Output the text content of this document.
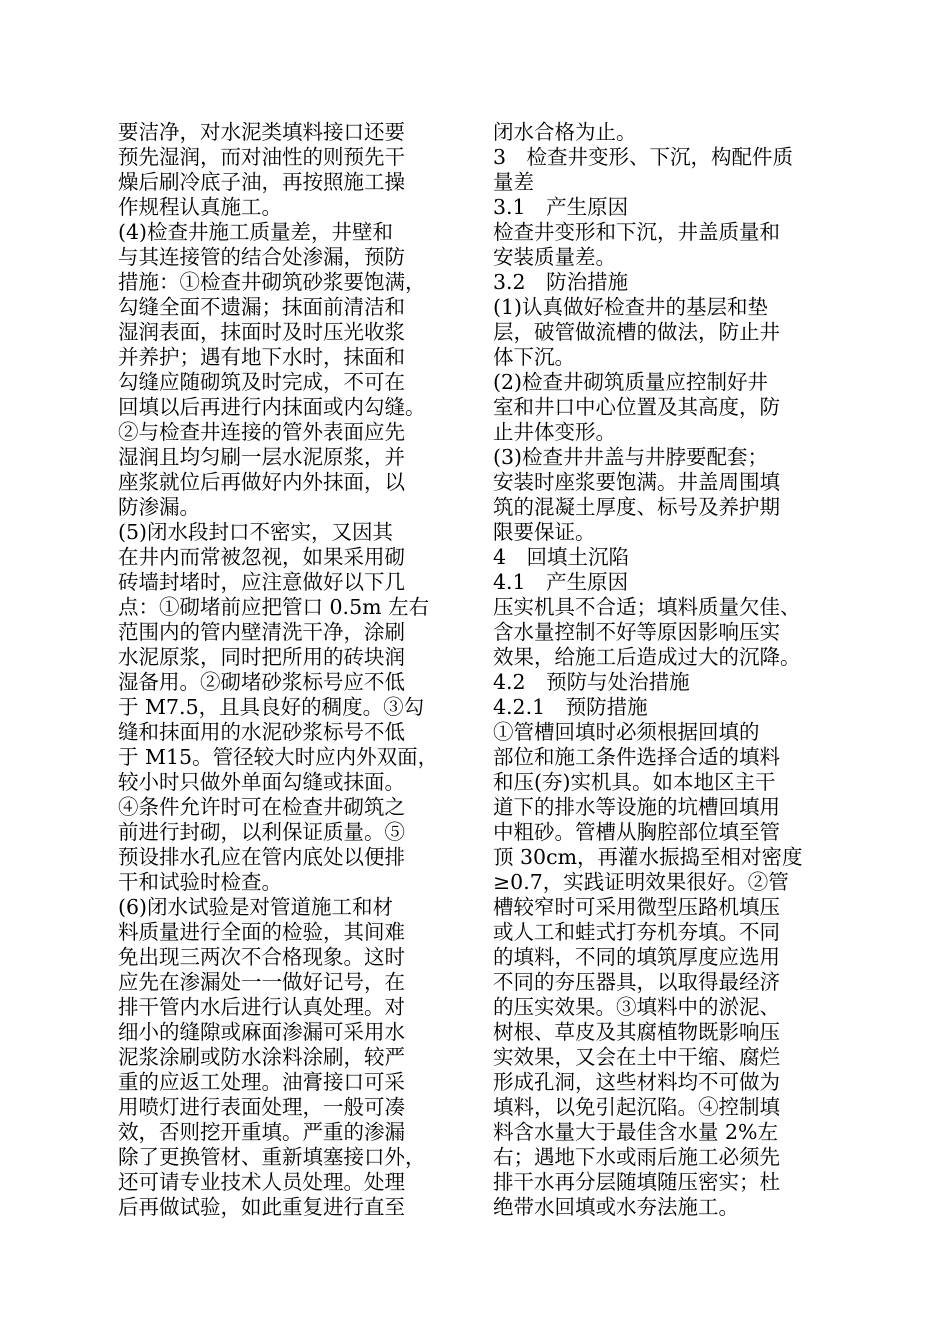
要洁净，对水泥类填料接口还要
预先湿润，而对油性的则预先干
燥后刷冷底子油，再按照施工操
作规程认真施工。
(4)检查井施工质量差，井壁和
与其连接管的结合处渗漏，预防
措施：①检查井砌筑砂浆要饱满，
勾缝全面不遗漏；抹面前清洁和
湿润表面，抹面时及时压光收浆
并养护；遇有地下水时，抹面和
勾缝应随砌筑及时完成，不可在
回填以后再进行内抹面或内勾缝。
②与检查井连接的管外表面应先
湿润且均匀刷一层水泥原浆，并
座浆就位后再做好内外抹面，以
防渗漏。
(5)闭水段封口不密实，又因其
在井内而常被忽视，如果采用砌
砖墙封堵时，应注意做好以下几
点：①砌堵前应把管口 0.5m 左右
范围内的管内壁清洗干净，涂刷
水泥原浆，同时把所用的砖块润
湿备用。②砌堵砂浆标号应不低
于 M7.5，且具良好的稠度。③勾
缝和抹面用的水泥砂浆标号不低
于 M15。管径较大时应内外双面，
较小时只做外单面勾缝或抹面。
④条件允许时可在检查井砌筑之
前进行封砌，以利保证质量。⑤
预设排水孔应在管内底处以便排
干和试验时检查。
(6)闭水试验是对管道施工和材
料质量进行全面的检验，其间难
免出现三两次不合格现象。这时
应先在渗漏处一一做好记号，在
排干管内水后进行认真处理。对
细小的缝隙或麻面渗漏可采用水
泥浆涂刷或防水涂料涂刷，较严
重的应返工处理。油膏接口可采
用喷灯进行表面处理，一般可凑
效，否则挖开重填。严重的渗漏
除了更换管材、重新填塞接口外，
还可请专业技术人员处理。处理
后再做试验，如此重复进行直至
闭水合格为止。
3　检查井变形、下沉，构配件质
量差
3.1　产生原因
检查井变形和下沉，井盖质量和
安装质量差。
3.2　防治措施
(1)认真做好检查井的基层和垫
层，破管做流槽的做法，防止井
体下沉。
(2)检查井砌筑质量应控制好井
室和井口中心位置及其高度，防
止井体变形。
(3)检查井井盖与井脖要配套；
安装时座浆要饱满。井盖周围填
筑的混凝土厚度、标号及养护期
限要保证。
4　回填土沉陷
4.1　产生原因
压实机具不合适；填料质量欠佳、
含水量控制不好等原因影响压实
效果，给施工后造成过大的沉降。
4.2　预防与处治措施
4.2.1　预防措施
①管槽回填时必须根据回填的
部位和施工条件选择合适的填料
和压(夯)实机具。如本地区主干
道下的排水等设施的坑槽回填用
中粗砂。管槽从胸腔部位填至管
顶 30cm，再灌水振捣至相对密度
≥0.7，实践证明效果很好。②管
槽较窄时可采用微型压路机填压
或人工和蛙式打夯机夯填。不同
的填料，不同的填筑厚度应选用
不同的夯压器具，以取得最经济
的压实效果。③填料中的淤泥、
树根、草皮及其腐植物既影响压
实效果，又会在土中干缩、腐烂
形成孔洞，这些材料均不可做为
填料，以免引起沉陷。④控制填
料含水量大于最佳含水量 2%左
右；遇地下水或雨后施工必须先
排干水再分层随填随压密实；杜
绝带水回填或水夯法施工。
